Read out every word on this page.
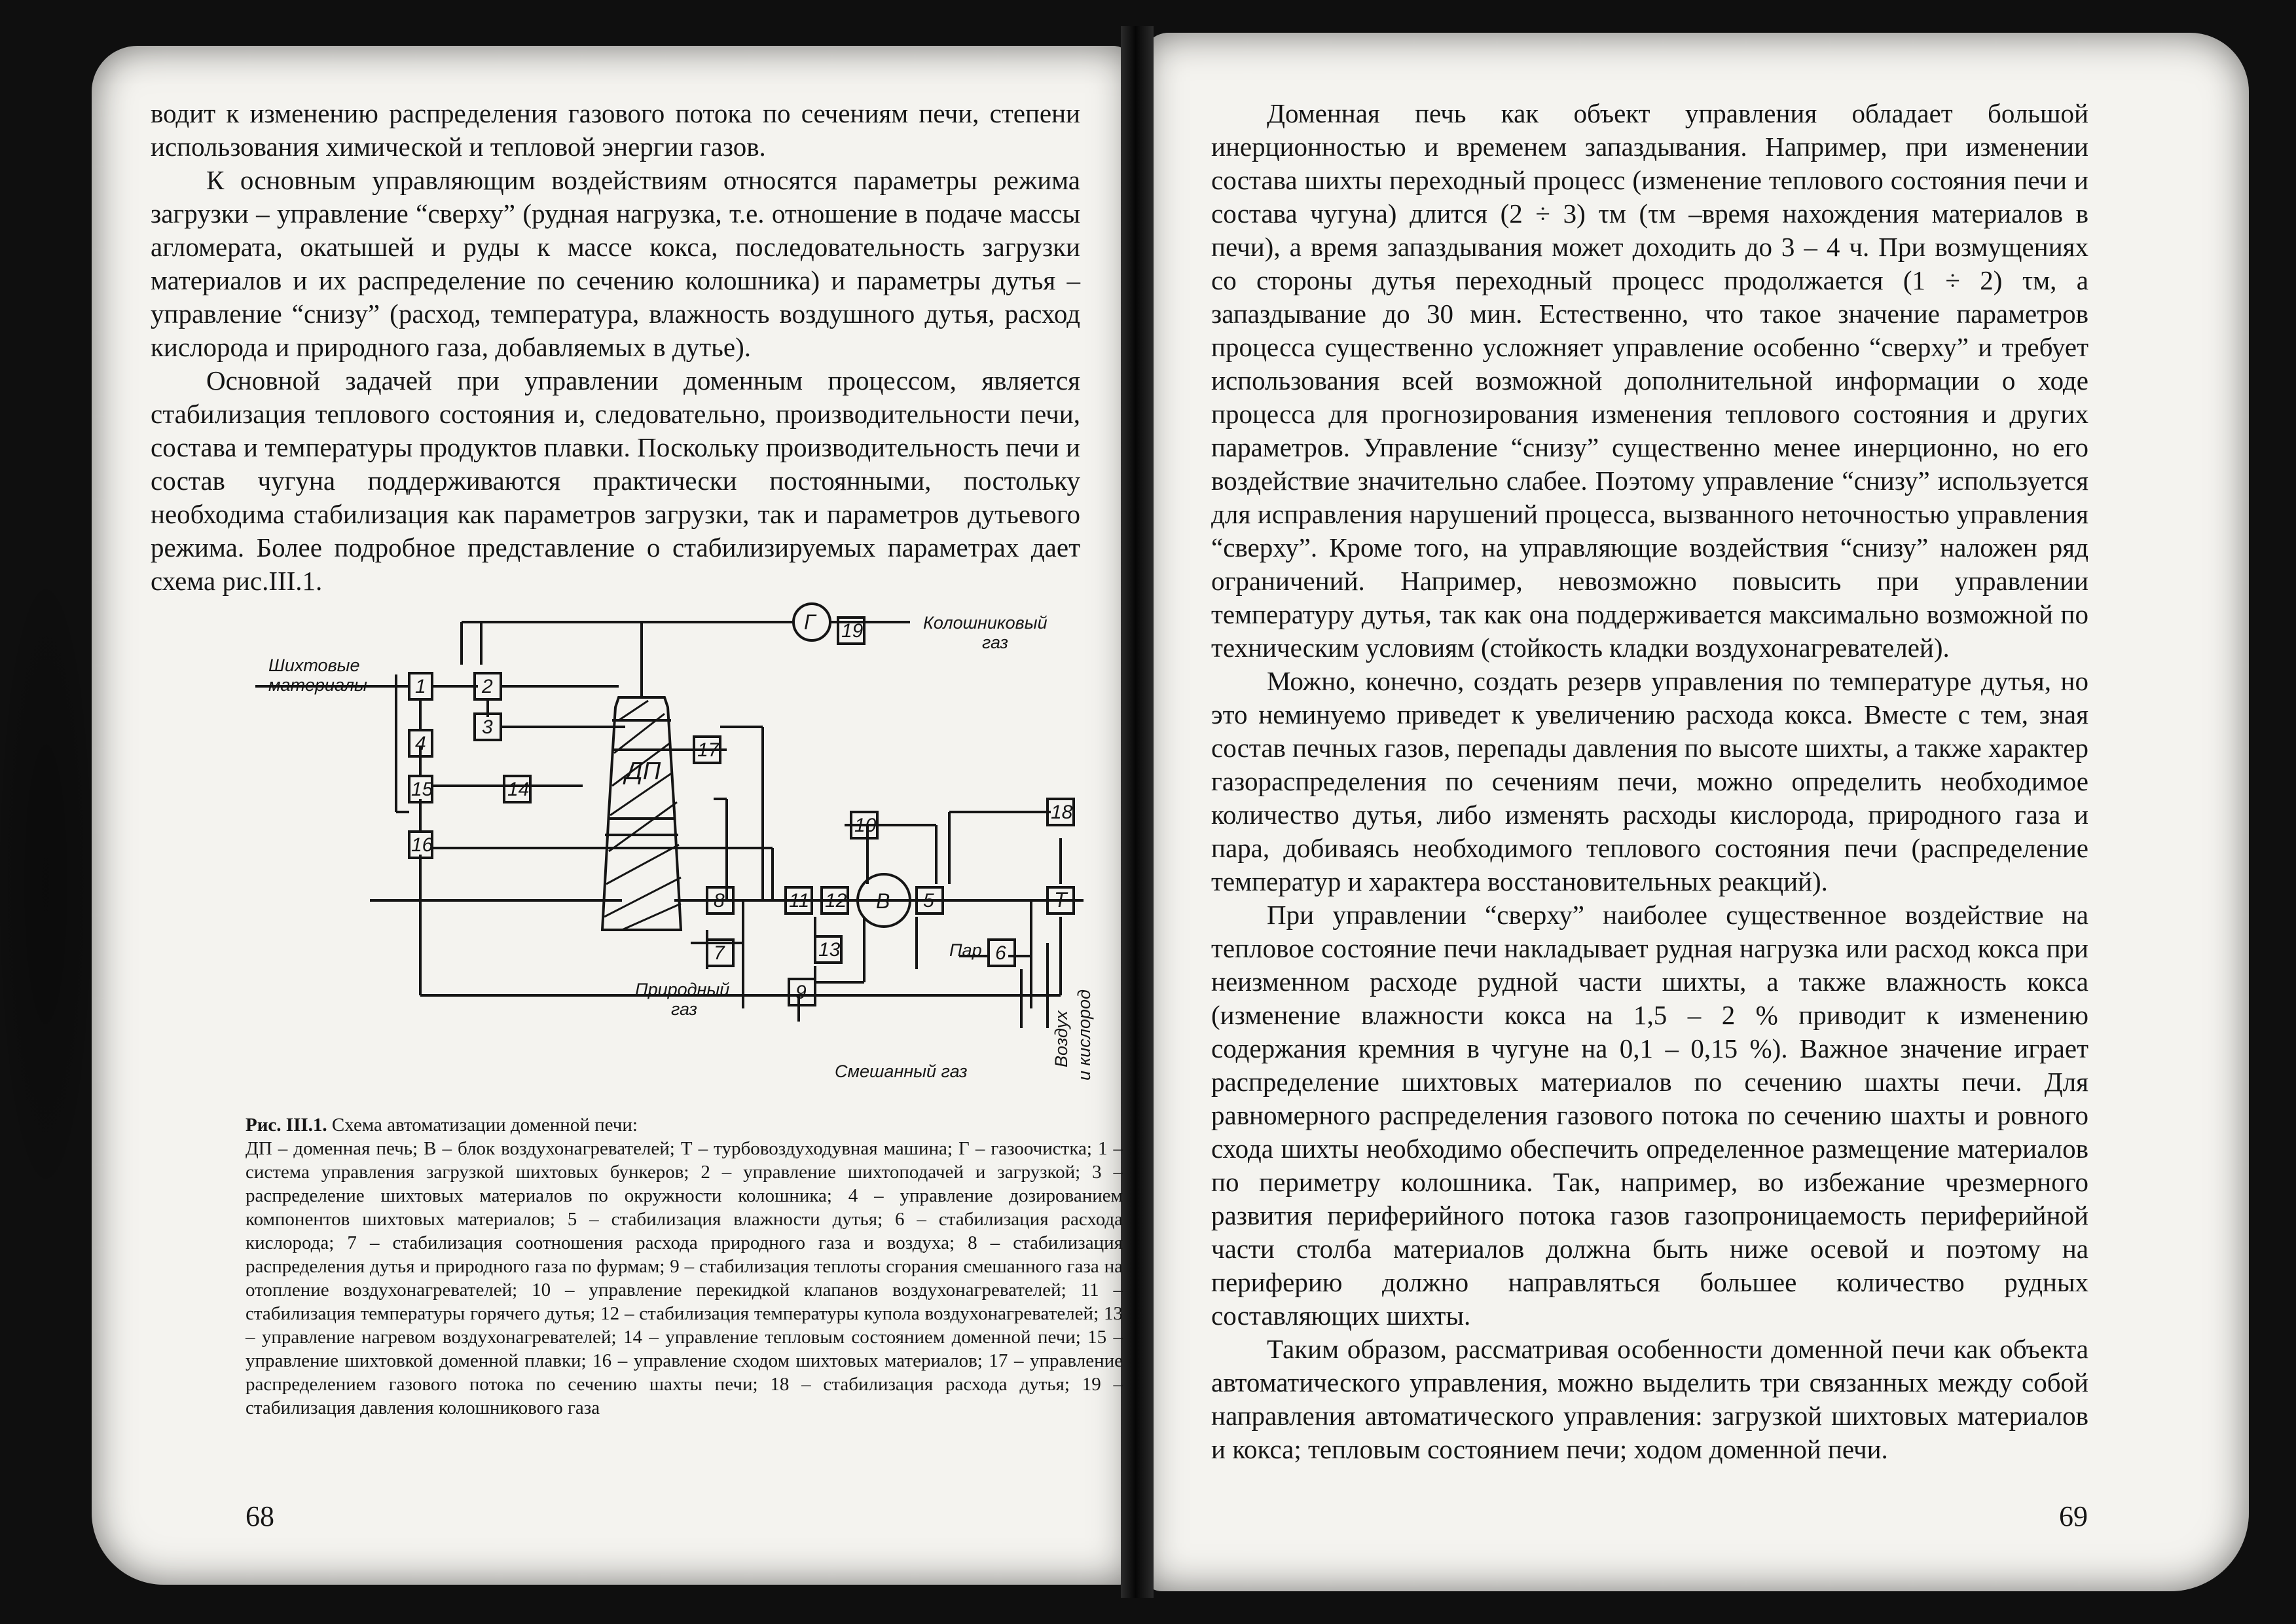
водит к изменению распределения газового потока по сечениям печи, степени использования химической и тепловой энергии газов.

К основным управляющим воздействиям относятся параметры режима загрузки – управление “сверху” (рудная нагрузка, т.е. отношение в подаче массы агломерата, окатышей и руды к массе кокса, последовательность загрузки материалов и их распределение по сечению колошника) и параметры дутья – управление “снизу” (расход, температура, влажность воздушного дутья, расход кислорода и природного газа, добавляемых в дутье).

Основной задачей при управлении доменным процессом, является стабилизация теплового состояния и, следовательно, производительности печи, состава и температуры продуктов плавки. Поскольку производительность печи и состав чугуна поддерживаются практически постоянными, постольку необходима стабилизация как параметров загрузки, так и параметров дутьевого режима. Более подробное представление о стабилизируемых параметрах дает схема рис.III.1.

1	2
3
4
5
6
7
8
9
10
11 12
13
14
15
16
17
18
19
Г
В	Т
ДП
Шихтовые
материалы
Колошниковый
газ
Природный
газ
Пар
Смешанный газ
Воздух и кислород
Рис. III.1. Схема автоматизации доменной печи:
ДП – доменная печь; В – блок воздухонагревателей; Т – турбовоздуходувная машина; Г – газоочистка; 1 – система управления загрузкой шихтовых бункеров; 2 – управление шихтоподачей и загрузкой; 3 – распределение шихтовых материалов по окружности колошника; 4 – управление дозированием компонентов шихтовых материалов; 5 – стабилизация влажности дутья; 6 – стабилизация расхода кислорода; 7 – стабилизация соотношения расхода природного газа и воздуха; 8 – стабилизация распределения дутья и природного газа по фурмам; 9 – стабилизация теплоты сгорания смешанного газа на отопление воздухонагревателей; 10 – управление перекидкой клапанов воздухонагревателей; 11 – стабилизация температуры горячего дутья; 12 – стабилизация температуры купола воздухонагревателей; 13 – управление нагревом воздухонагревателей; 14 – управление тепловым состоянием доменной печи; 15 – управление шихтовкой доменной плавки; 16 – управление сходом шихтовых материалов; 17 – управление распределением газового потока по сечению шахты печи; 18 – стабилизация расхода дутья; 19 – стабилизация давления колошникового газа
68

Доменная печь как объект управления обладает большой инерционностью и временем запаздывания. Например, при изменении состава шихты переходный процесс (изменение теплового состояния печи и состава чугуна) длится (2 ÷ 3) τм (τм –время нахождения материалов в печи), а время запаздывания может доходить до 3 – 4 ч. При возмущениях со стороны дутья переходный процесс продолжается (1 ÷ 2) τм, а запаздывание до 30 мин. Естественно, что такое значение параметров процесса существенно усложняет управление особенно “сверху” и требует использования всей возможной дополнительной информации о ходе процесса для прогнозирования изменения теплового состояния и других параметров. Управление “снизу” существенно менее инерционно, но его воздействие значительно слабее. Поэтому управление “снизу” используется для исправления нарушений процесса, вызванного неточностью управления “сверху”. Кроме того, на управляющие воздействия “снизу” наложен ряд ограничений. Например, невозможно повысить при управлении температуру дутья, так как она поддерживается максимально возможной по техническим условиям (стойкость кладки воздухонагревателей).

Можно, конечно, создать резерв управления по температуре дутья, но это неминуемо приведет к увеличению расхода кокса. Вместе с тем, зная состав печных газов, перепады давления по высоте шихты, а также характер газораспределения по сечениям печи, можно определить необходимое количество дутья, либо изменять расходы кислорода, природного газа и пара, добиваясь необходимого теплового состояния печи (распределение температур и характера восстановительных реакций).

При управлении “сверху” наиболее существенное воздействие на тепловое состояние печи накладывает рудная нагрузка или расход кокса при неизменном расходе рудной части шихты, а также влажность кокса (изменение влажности кокса на 1,5 – 2 % приводит к изменению содержания кремния в чугуне на 0,1 – 0,15 %). Важное значение играет распределение шихтовых материалов по сечению шахты печи. Для равномерного распределения газового потока по сечению шахты и ровного схода шихты необходимо обеспечить определенное размещение материалов по периметру колошника. Так, например, во избежание чрезмерного развития периферийного потока газов газопроницаемость периферийной части столба материалов должна быть ниже осевой и поэтому на периферию должно направляться большее количество рудных составляющих шихты.

Таким образом, рассматривая особенности доменной печи как объекта автоматического управления, можно выделить три связанных между собой направления автоматического управления: загрузкой шихтовых материалов и кокса; тепловым состоянием печи; ходом доменной печи.

69
